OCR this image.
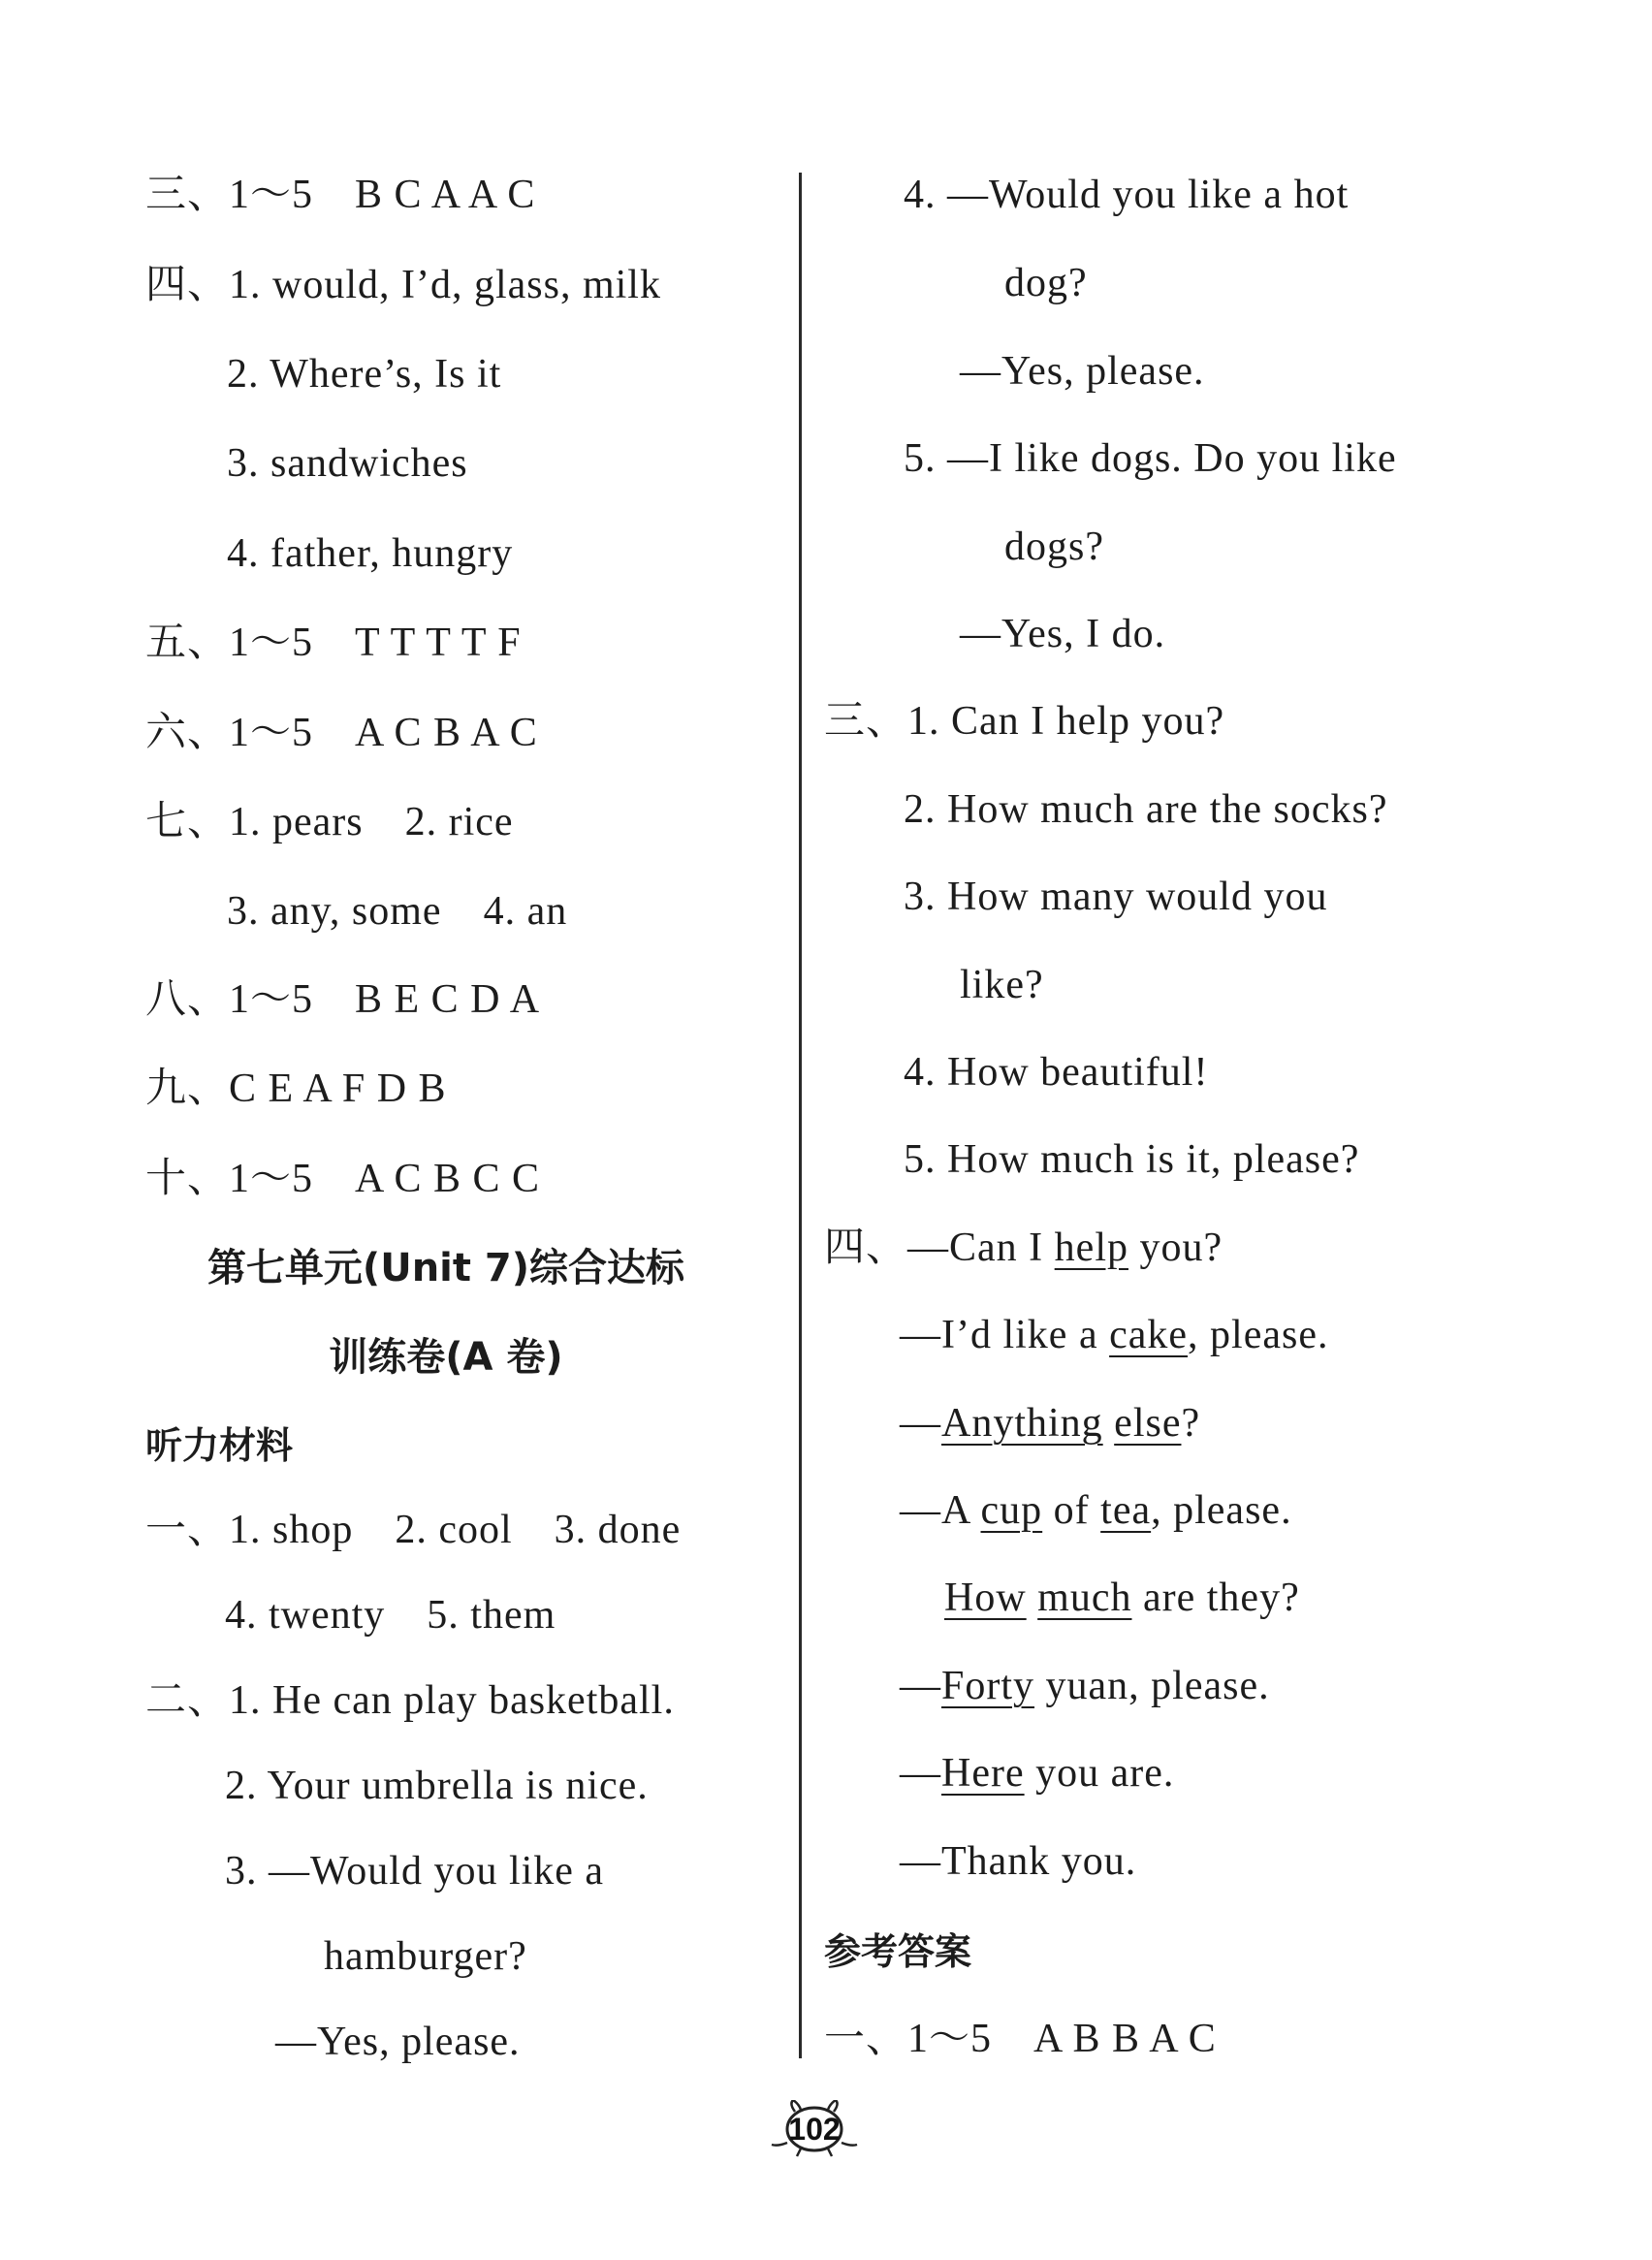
三、1～5　B C A A C
四、1. would, I’d, glass, milk
2. Where’s, Is it
3. sandwiches
4. father, hungry
五、1～5　T T T T F
六、1～5　A C B A C
七、1. pears　2. rice
3. any, some　4. an
八、1～5　B E C D A
九、C E A F D B
十、1～5　A C B C C
第七单元(Unit 7)综合达标
训练卷(A 卷)
听力材料
一、1. shop　2. cool　3. done
4. twenty　5. them
二、1. He can play basketball.
2. Your umbrella is nice.
3. —Would you like a
hamburger?
—Yes, please.
4. —Would you like a hot
dog?
—Yes, please.
5. —I like dogs. Do you like
dogs?
—Yes, I do.
三、1. Can I help you?
2. How much are the socks?
3. How many would you
like?
4. How beautiful!
5. How much is it, please?
四、—Can I help you?
—I’d like a cake, please.
—Anything else?
—A cup of tea, please.
How much are they?
—Forty yuan, please.
—Here you are.
—Thank you.
参考答案
一、1～5　A B B A C
102
